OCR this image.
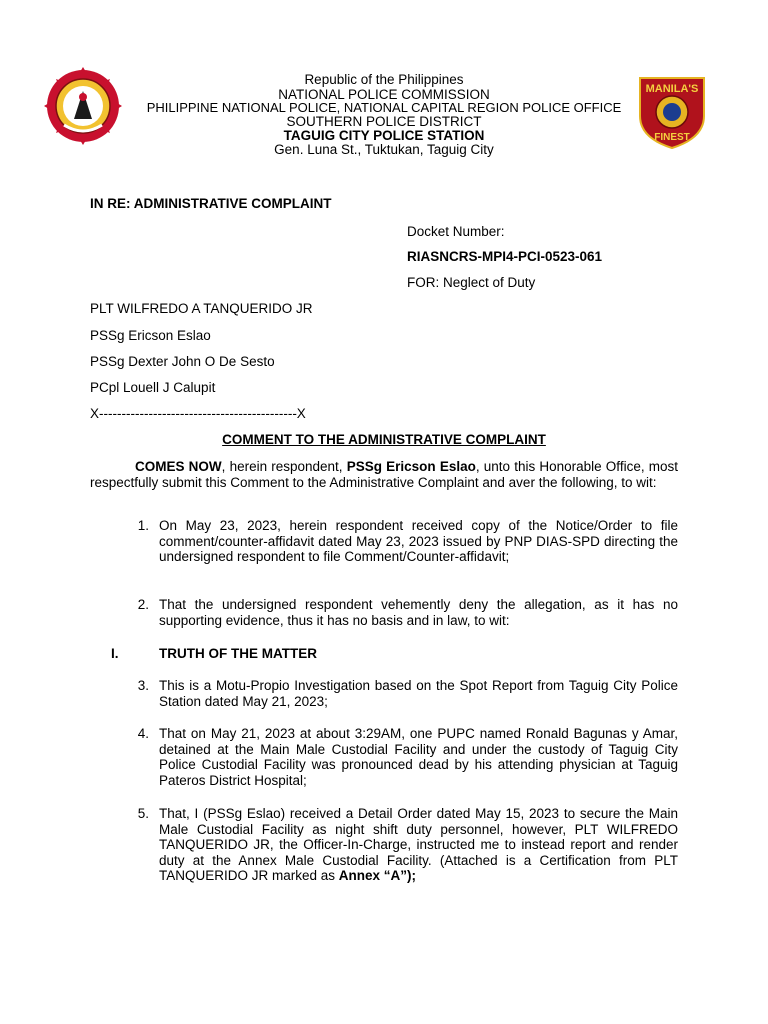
MANILA'S
FINEST
Republic of the Philippines
NATIONAL POLICE COMMISSION
PHILIPPINE NATIONAL POLICE, NATIONAL CAPITAL REGION POLICE OFFICE
SOUTHERN POLICE DISTRICT
TAGUIG CITY POLICE STATION
Gen. Luna St., Tuktukan, Taguig City
IN RE: ADMINISTRATIVE COMPLAINT
Docket Number:
RIASNCRS-MPI4-PCI-0523-061
FOR: Neglect of Duty
PLT WILFREDO A TANQUERIDO JR
PSSg Ericson Eslao
PSSg Dexter John O De Sesto
PCpl Louell J Calupit
X--------------------------------------------X
COMMENT TO THE ADMINISTRATIVE COMPLAINT
COMES NOW, herein respondent, PSSg Ericson Eslao, unto this Honorable Office, most respectfully submit this Comment to the Administrative Complaint and aver the following, to wit:
1. On May 23, 2023, herein respondent received copy of the Notice/Order to file comment/counter-affidavit dated May 23, 2023 issued by PNP DIAS-SPD directing the undersigned respondent to file Comment/Counter-affidavit;
2. That the undersigned respondent vehemently deny the allegation, as it has no supporting evidence, thus it has no basis and in law, to wit:
I.	TRUTH OF THE MATTER
3. This is a Motu-Propio Investigation based on the Spot Report from Taguig City Police Station dated May 21, 2023;
4. That on May 21, 2023 at about 3:29AM, one PUPC named Ronald Bagunas y Amar, detained at the Main Male Custodial Facility and under the custody of Taguig City Police Custodial Facility was pronounced dead by his attending physician at Taguig Pateros District Hospital;
5. That, I (PSSg Eslao) received a Detail Order dated May 15, 2023 to secure the Main Male Custodial Facility as night shift duty personnel, however, PLT WILFREDO TANQUERIDO JR, the Officer-In-Charge, instructed me to instead report and render duty at the Annex Male Custodial Facility. (Attached is a Certification from PLT TANQUERIDO JR marked as Annex “A”);
